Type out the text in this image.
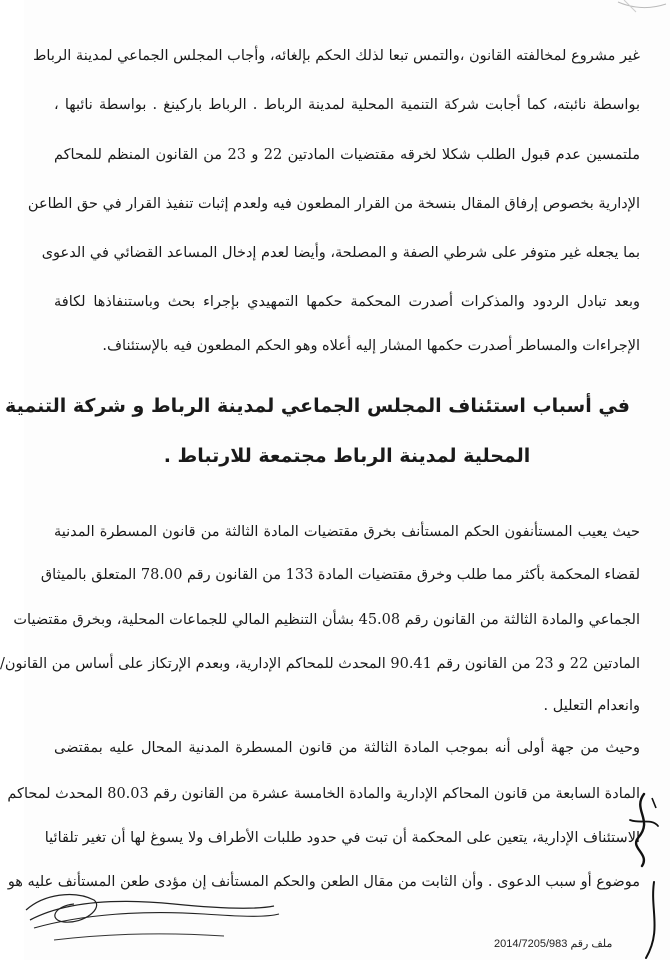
غير مشروع لمخالفته القانون ،والتمس تبعا لذلك الحكم بإلغائه، وأجاب المجلس الجماعي لمدينة الرباط
بواسطة نائبته، كما أجابت شركة التنمية المحلية لمدينة الرباط . الرباط باركينغ . بواسطة نائبها ،
ملتمسين عدم قبول الطلب شكلا لخرقه مقتضيات المادتين 22 و 23 من القانون المنظم للمحاكم
الإدارية بخصوص إرفاق المقال بنسخة من القرار المطعون فيه ولعدم إثبات تنفيذ القرار في حق الطاعن
بما يجعله غير متوفر على شرطي الصفة و المصلحة، وأيضا لعدم إدخال المساعد القضائي في الدعوى
وبعد تبادل الردود والمذكرات أصدرت المحكمة حكمها التمهيدي بإجراء بحث وباستنفاذها لكافة
الإجراءات والمساطر أصدرت حكمها المشار إليه أعلاه وهو الحكم المطعون فيه بالإستئناف.
في أسباب استئناف المجلس الجماعي لمدينة الرباط و شركة التنمية
المحلية لمدينة الرباط مجتمعة للارتباط .
حيث يعيب المستأنفون الحكم المستأنف بخرق مقتضيات المادة الثالثة من قانون المسطرة المدنية
لقضاء المحكمة بأكثر مما طلب وخرق مقتضيات المادة 133 من القانون رقم 78.00 المتعلق بالميثاق
الجماعي والمادة الثالثة من القانون رقم 45.08 بشأن التنظيم المالي للجماعات المحلية، وبخرق مقتضيات
المادتين 22 و 23 من القانون رقم 90.41 المحدث للمحاكم الإدارية، وبعدم الإرتكاز على أساس من القانون/
وانعدام التعليل .
وحيث من جهة أولى أنه بموجب المادة الثالثة من قانون المسطرة المدنية المحال عليه بمقتضى
المادة السابعة من قانون المحاكم الإدارية والمادة الخامسة عشرة من القانون رقم 80.03 المحدث لمحاكم
الاستئناف الإدارية، يتعين على المحكمة أن تبت في حدود طلبات الأطراف ولا يسوغ لها أن تغير تلقائيا
موضوع أو سبب الدعوى . وأن الثابت من مقال الطعن والحكم المستأنف إن مؤدى طعن المستأنف عليه هو
ملف رقم 2014/7205/983
